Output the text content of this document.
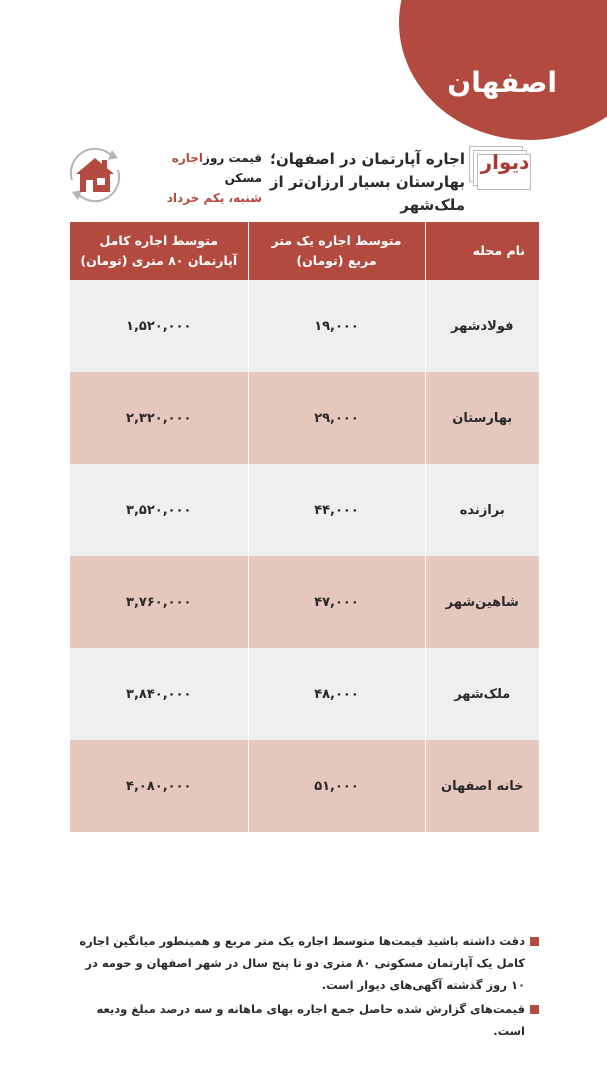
اصفهان
دیوار
اجاره آپارتمان در اصفهان؛ بهارستان بسیار ارزان‌تر از ملک‌شهر
قیمت روزاجاره مسکن
شنبه، یکم خرداد
نام محله	متوسط اجاره یک متر مربع (تومان)	متوسط اجاره کامل آپارتمان ۸۰ متری (تومان)
فولادشهر	۱۹,۰۰۰	۱,۵۲۰,۰۰۰
بهارستان	۲۹,۰۰۰	۲,۳۲۰,۰۰۰
برازنده	۴۴,۰۰۰	۳,۵۲۰,۰۰۰
شاهین‌شهر	۴۷,۰۰۰	۳,۷۶۰,۰۰۰
ملک‌شهر	۴۸,۰۰۰	۳,۸۴۰,۰۰۰
خانه اصفهان	۵۱,۰۰۰	۴,۰۸۰,۰۰۰
دقت داشته باشید قیمت‌ها متوسط اجاره یک متر مربع و همینطور میانگین اجاره کامل یک آپارتمان مسکونی ۸۰ متری دو تا پنج سال در شهر اصفهان و حومه در ۱۰ روز گذشته آگهی‌های دیوار است.
قیمت‌های گزارش شده حاصل جمع اجاره بهای ماهانه و سه درصد مبلغ ودیعه است.
